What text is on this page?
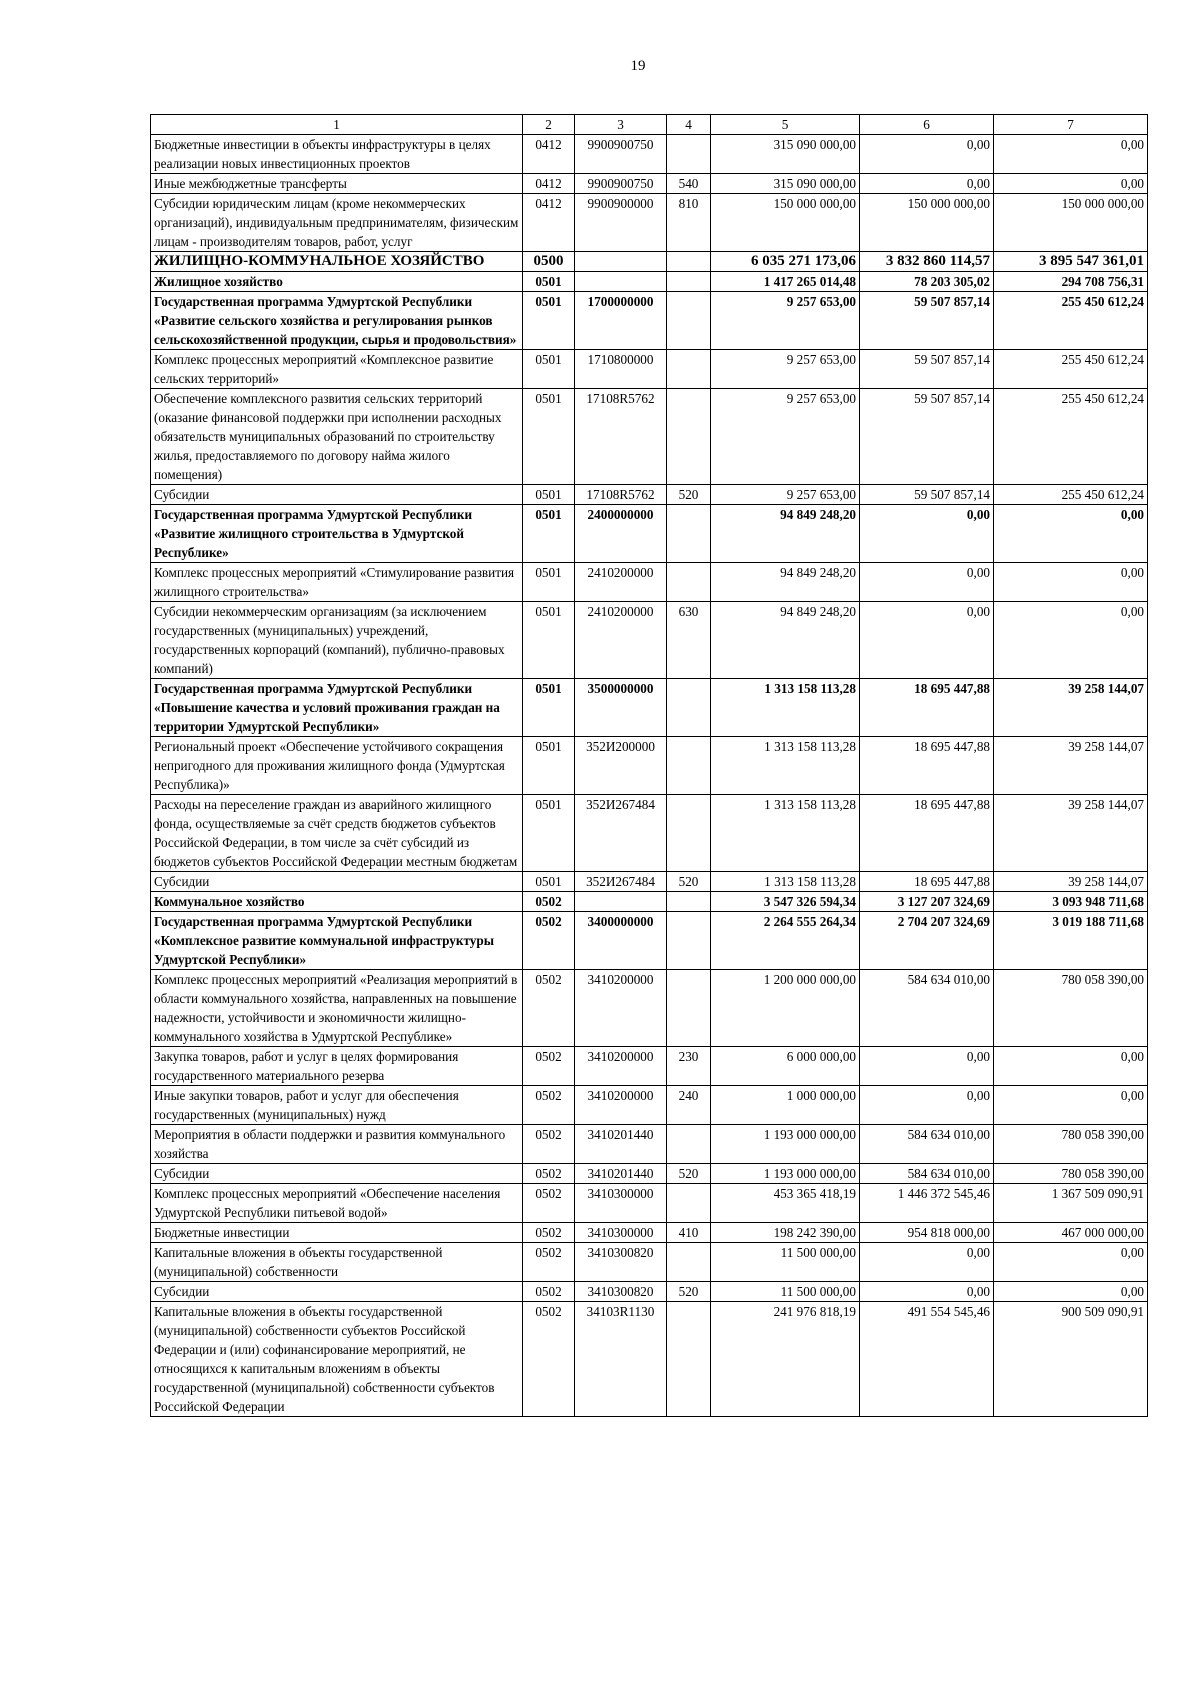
19
1	2	3	4	5	6	7
Бюджетные инвестиции в объекты инфраструктуры в целях реализации новых инвестиционных проектов	0412	9900900750		315 090 000,00	0,00	0,00
Иные межбюджетные трансферты	0412	9900900750	540	315 090 000,00	0,00	0,00
Субсидии юридическим лицам (кроме некоммерческих организаций), индивидуальным предпринимателям, физическим лицам - производителям товаров, работ, услуг	0412	9900900000	810	150 000 000,00	150 000 000,00	150 000 000,00
ЖИЛИЩНО-КОММУНАЛЬНОЕ ХОЗЯЙСТВО	0500			6 035 271 173,06	3 832 860 114,57	3 895 547 361,01
Жилищное хозяйство	0501			1 417 265 014,48	78 203 305,02	294 708 756,31
Государственная программа Удмуртской Республики «Развитие сельского хозяйства и регулирования рынков сельскохозяйственной продукции, сырья и продовольствия»	0501	1700000000		9 257 653,00	59 507 857,14	255 450 612,24
Комплекс процессных мероприятий «Комплексное развитие сельских территорий»	0501	1710800000		9 257 653,00	59 507 857,14	255 450 612,24
Обеспечение комплексного развития сельских территорий (оказание финансовой поддержки при исполнении расходных обязательств муниципальных образований по строительству жилья, предоставляемого по договору найма жилого помещения)	0501	17108R5762		9 257 653,00	59 507 857,14	255 450 612,24
Субсидии	0501	17108R5762	520	9 257 653,00	59 507 857,14	255 450 612,24
Государственная программа Удмуртской Республики «Развитие жилищного строительства в Удмуртской Республике»	0501	2400000000		94 849 248,20	0,00	0,00
Комплекс процессных мероприятий «Стимулирование развития жилищного строительства»	0501	2410200000		94 849 248,20	0,00	0,00
Субсидии некоммерческим организациям (за исключением государственных (муниципальных) учреждений, государственных корпораций (компаний), публично-правовых компаний)	0501	2410200000	630	94 849 248,20	0,00	0,00
Государственная программа Удмуртской Республики «Повышение качества и условий проживания граждан на территории Удмуртской Республики»	0501	3500000000		1 313 158 113,28	18 695 447,88	39 258 144,07
Региональный проект «Обеспечение устойчивого сокращения непригодного для проживания жилищного фонда (Удмуртская Республика)»	0501	352И200000		1 313 158 113,28	18 695 447,88	39 258 144,07
Расходы на переселение граждан из аварийного жилищного фонда, осуществляемые за счёт средств бюджетов субъектов Российской Федерации, в том числе за счёт субсидий из бюджетов субъектов Российской Федерации местным бюджетам	0501	352И267484		1 313 158 113,28	18 695 447,88	39 258 144,07
Субсидии	0501	352И267484	520	1 313 158 113,28	18 695 447,88	39 258 144,07
Коммунальное хозяйство	0502			3 547 326 594,34	3 127 207 324,69	3 093 948 711,68
Государственная программа Удмуртской Республики «Комплексное развитие коммунальной инфраструктуры Удмуртской Республики»	0502	3400000000		2 264 555 264,34	2 704 207 324,69	3 019 188 711,68
Комплекс процессных мероприятий «Реализация мероприятий в области коммунального хозяйства, направленных на повышение надежности, устойчивости и экономичности жилищно-коммунального хозяйства в Удмуртской Республике»	0502	3410200000		1 200 000 000,00	584 634 010,00	780 058 390,00
Закупка товаров, работ и услуг в целях формирования государственного материального резерва	0502	3410200000	230	6 000 000,00	0,00	0,00
Иные закупки товаров, работ и услуг для обеспечения государственных (муниципальных) нужд	0502	3410200000	240	1 000 000,00	0,00	0,00
Мероприятия в области поддержки и развития коммунального хозяйства	0502	3410201440		1 193 000 000,00	584 634 010,00	780 058 390,00
Субсидии	0502	3410201440	520	1 193 000 000,00	584 634 010,00	780 058 390,00
Комплекс процессных мероприятий «Обеспечение населения Удмуртской Республики питьевой водой»	0502	3410300000		453 365 418,19	1 446 372 545,46	1 367 509 090,91
Бюджетные инвестиции	0502	3410300000	410	198 242 390,00	954 818 000,00	467 000 000,00
Капитальные вложения в объекты государственной (муниципальной) собственности	0502	3410300820		11 500 000,00	0,00	0,00
Субсидии	0502	3410300820	520	11 500 000,00	0,00	0,00
Капитальные вложения в объекты государственной (муниципальной) собственности субъектов Российской Федерации и (или) софинансирование мероприятий, не относящихся к капитальным вложениям в объекты государственной (муниципальной) собственности субъектов Российской Федерации	0502	34103R1130		241 976 818,19	491 554 545,46	900 509 090,91
